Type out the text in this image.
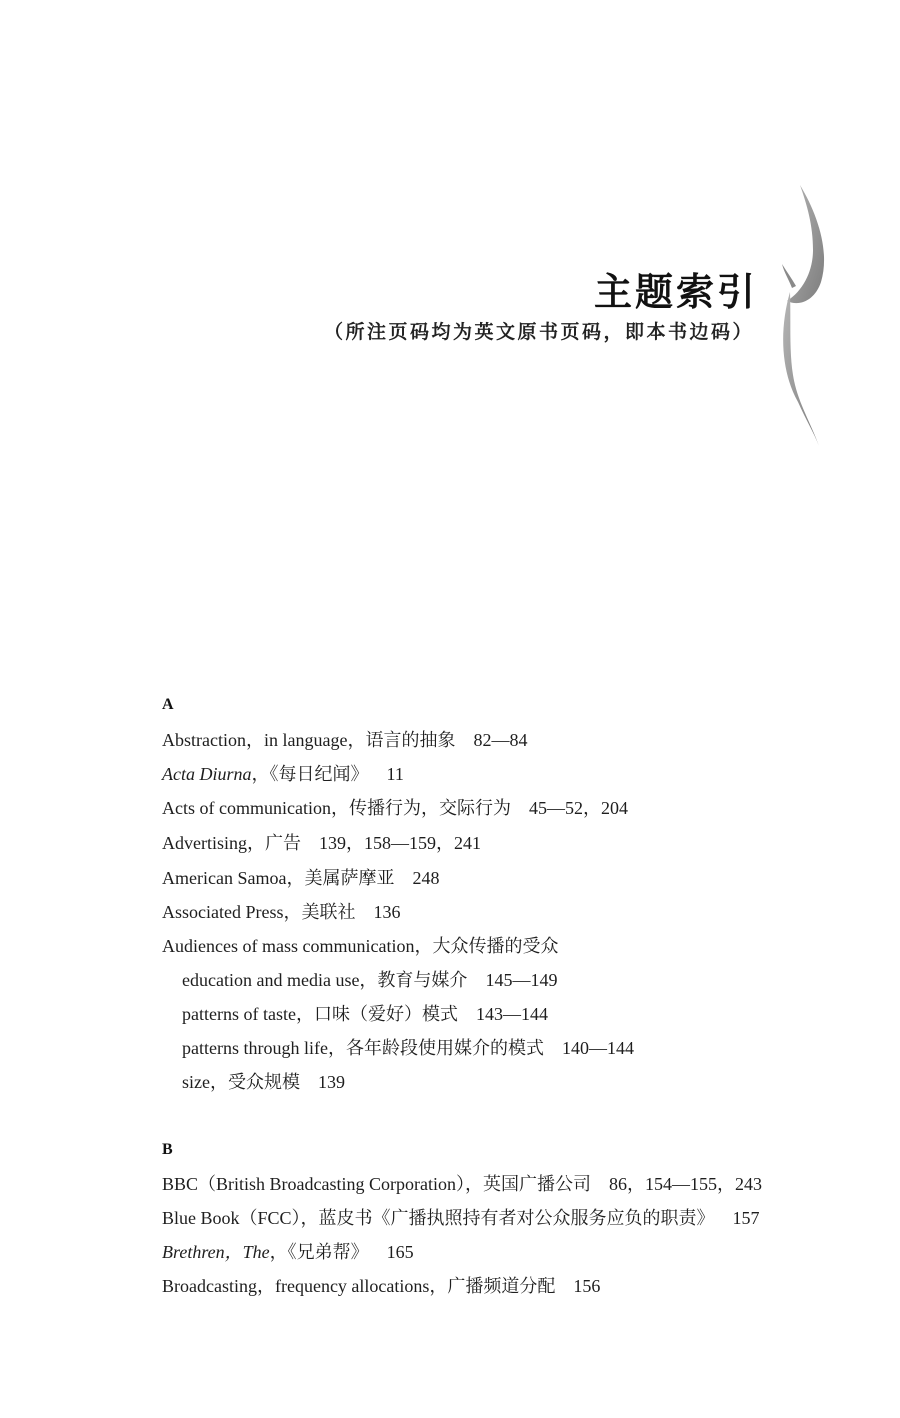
主题索引
（所注页码均为英文原书页码，即本书边码）
A
Abstraction，in language，语言的抽象 82—84
Acta Diurna，《每日纪闻》 11
Acts of communication，传播行为，交际行为 45—52，204
Advertising，广告 139，158—159，241
American Samoa，美属萨摩亚 248
Associated Press，美联社 136
Audiences of mass communication，大众传播的受众
education and media use，教育与媒介 145—149
patterns of taste，口味（爱好）模式 143—144
patterns through life，各年龄段使用媒介的模式 140—144
size，受众规模 139
B
BBC（British Broadcasting Corporation），英国广播公司 86，154—155，243
Blue Book（FCC），蓝皮书《广播执照持有者对公众服务应负的职责》 157
Brethren，The，《兄弟帮》 165
Broadcasting，frequency allocations，广播频道分配 156
